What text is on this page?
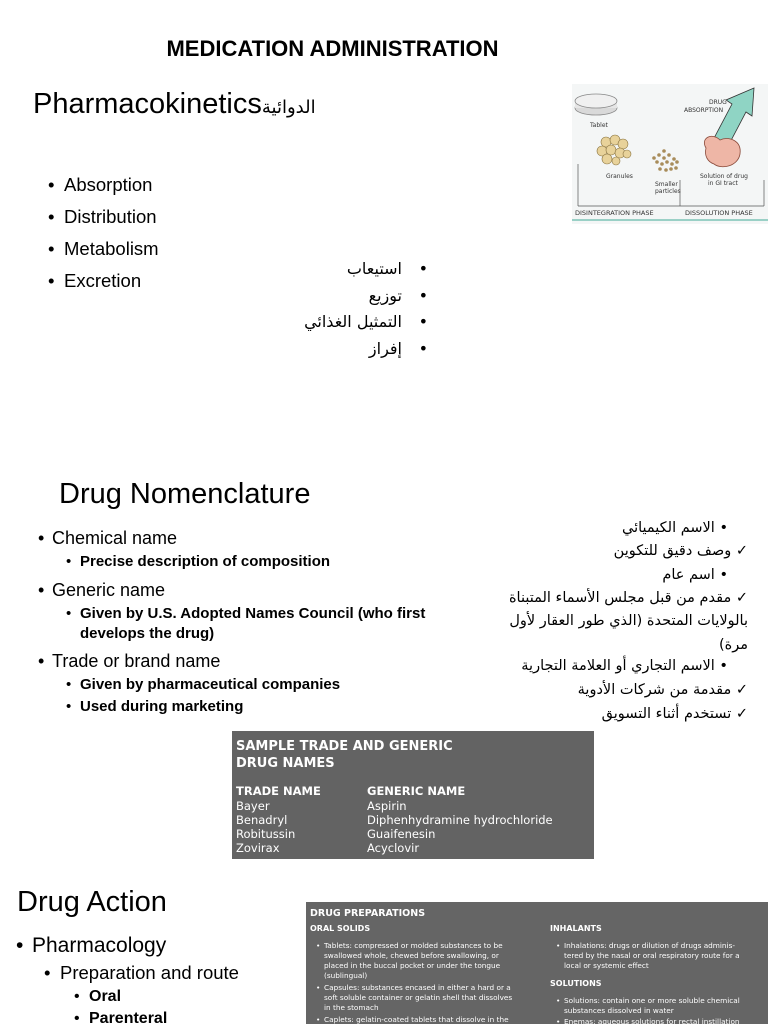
MEDICATION ADMINISTRATION
Pharmacokineticsالدوائية
• Absorption
• Distribution
• Metabolism
• Excretion
• استيعاب
• توزيع
• التمثيل الغذائي
• إفراز
Tablet
DRUG
ABSORPTION
Granules
Smaller
particles
Solution of drug
in GI tract
DISINTEGRATION PHASE	DISSOLUTION PHASE
Drug Nomenclature
Chemical name
•
Precise description of composition
•
Generic name
•
Given by U.S. Adopted Names Council (who first
•
develops the drug)
Trade or brand name
•
Given by pharmaceutical companies
•
Used during marketing
•
• الاسم الكيميائي
✓ وصف دقيق للتكوين
• اسم عام
✓ مقدم من قبل مجلس الأسماء المتبناة
بالولايات المتحدة (الذي طور العقار لأول
مرة)
• الاسم التجاري أو العلامة التجارية
✓ مقدمة من شركات الأدوية
✓ تستخدم أثناء التسويق
SAMPLE TRADE AND GENERIC
DRUG NAMES
TRADE NAME	GENERIC NAME
Bayer	Aspirin
Benadryl	Diphenhydramine hydrochloride
Robitussin	Guaifenesin
Zovirax	Acyclovir
Drug Action
• Pharmacology
• Preparation and route
• Oral
• Parenteral
DRUG PREPARATIONS
ORAL SOLIDS
• Tablets: compressed or molded substances to be
swallowed whole, chewed before swallowing, or
placed in the buccal pocket or under the tongue
(sublingual)
• Capsules: substances encased in either a hard or a
soft soluble container or gelatin shell that dissolves
in the stomach
• Caplets: gelatin-coated tablets that dissolve in the
INHALANTS
• Inhalations: drugs or dilution of drugs adminis-
tered by the nasal or oral respiratory route for a
local or systemic effect
SOLUTIONS
• Solutions: contain one or more soluble chemical
substances dissolved in water
• Enemas: aqueous solutions for rectal instillation
